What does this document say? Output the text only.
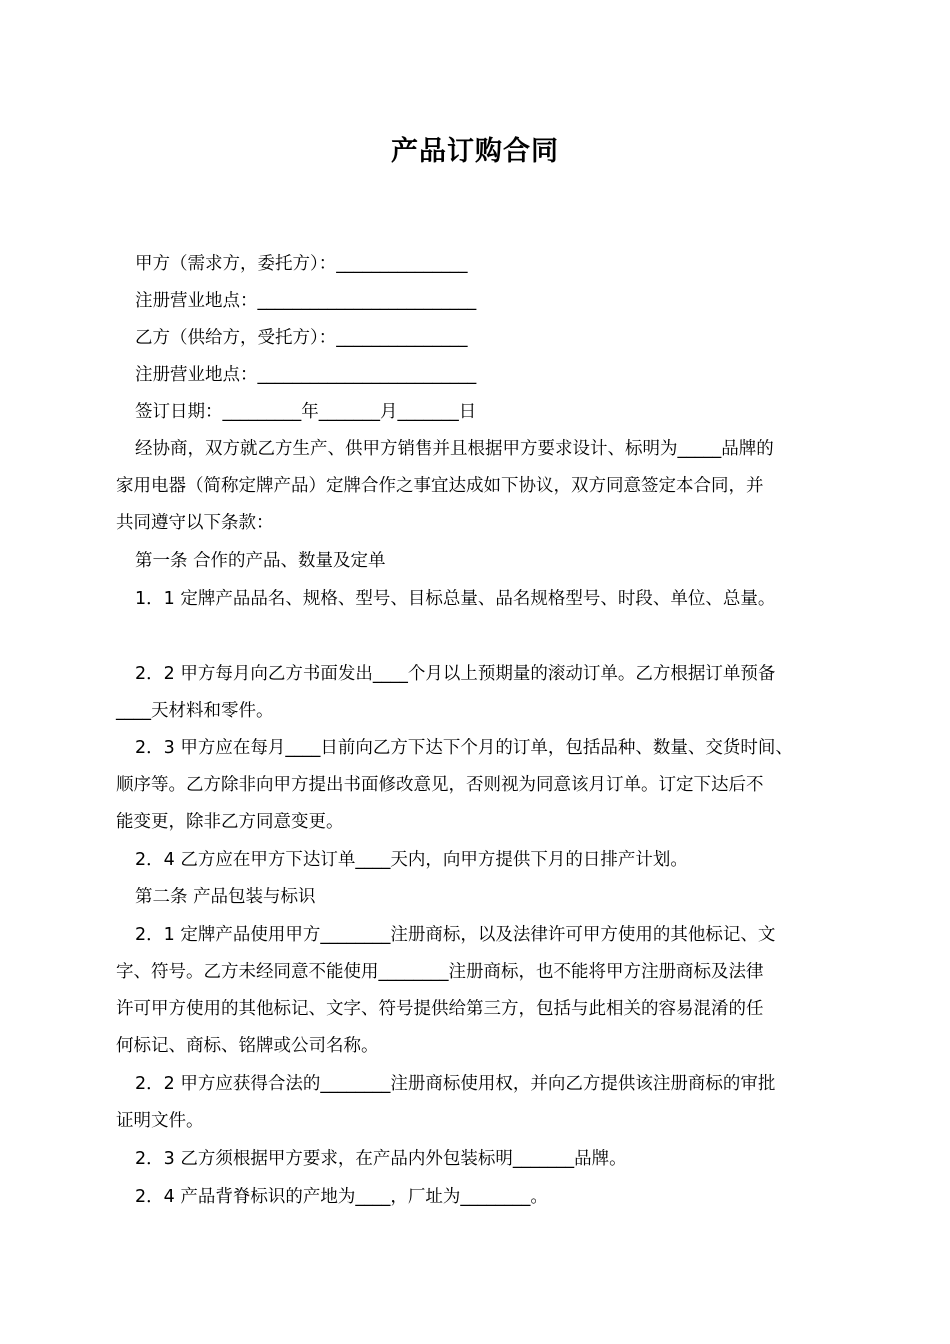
产品订购合同
甲方（需求方，委托方）：_______________
注册营业地点：_________________________
乙方（供给方，受托方）：_______________
注册营业地点：_________________________
签订日期：_________年_______月_______日
经协商，双方就乙方生产、供甲方销售并且根据甲方要求设计、标明为_____品牌的
家用电器（简称定牌产品）定牌合作之事宜达成如下协议，双方同意签定本合同，并
共同遵守以下条款：
第一条 合作的产品、数量及定单
1．1 定牌产品品名、规格、型号、目标总量、品名规格型号、时段、单位、总量。
2．2 甲方每月向乙方书面发出____个月以上预期量的滚动订单。乙方根据订单预备
____天材料和零件。
2．3 甲方应在每月____日前向乙方下达下个月的订单，包括品种、数量、交货时间、
顺序等。乙方除非向甲方提出书面修改意见，否则视为同意该月订单。订定下达后不
能变更，除非乙方同意变更。
2．4 乙方应在甲方下达订单____天内，向甲方提供下月的日排产计划。
第二条 产品包装与标识
2．1 定牌产品使用甲方________注册商标，以及法律许可甲方使用的其他标记、文
字、符号。乙方未经同意不能使用________注册商标，也不能将甲方注册商标及法律
许可甲方使用的其他标记、文字、符号提供给第三方，包括与此相关的容易混淆的任
何标记、商标、铭牌或公司名称。
2．2 甲方应获得合法的________注册商标使用权，并向乙方提供该注册商标的审批
证明文件。
2．3 乙方须根据甲方要求，在产品内外包装标明_______品牌。
2．4 产品背脊标识的产地为____，厂址为________。
